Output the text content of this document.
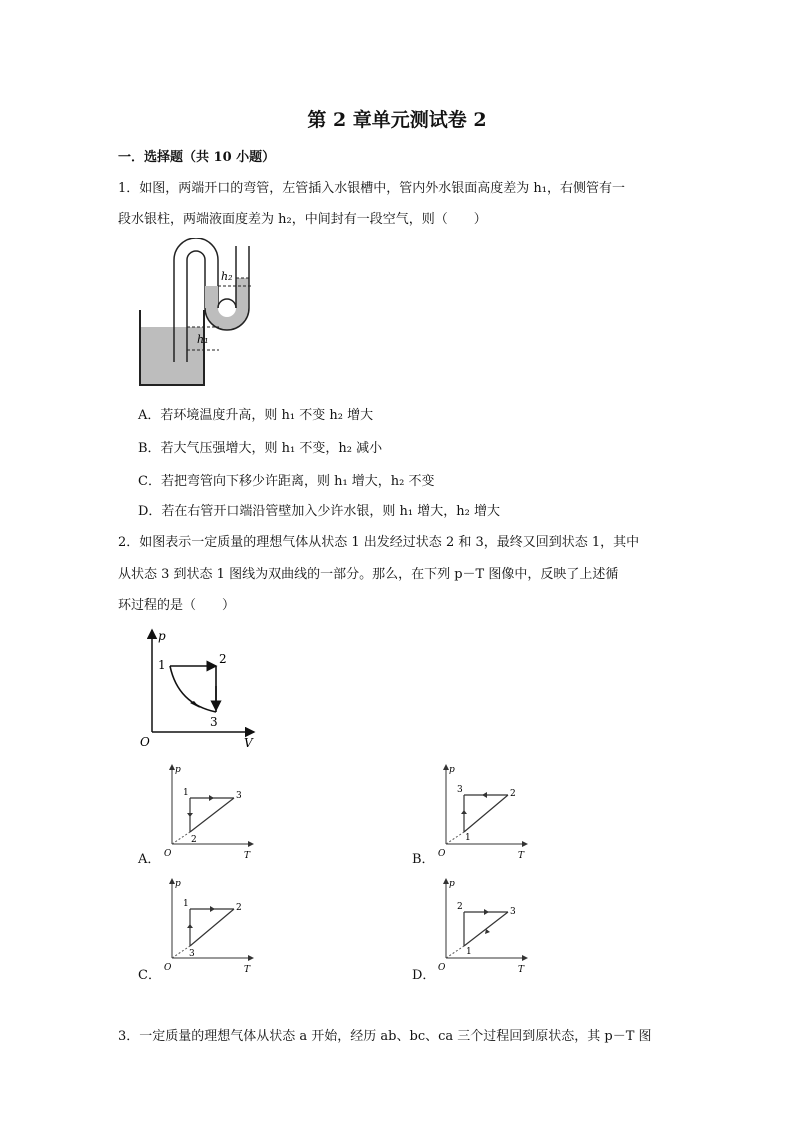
第 2 章单元测试卷 2
一．选择题（共 10 小题）
1．如图，两端开口的弯管，左管插入水银槽中，管内外水银面高度差为 h₁，右侧管有一
段水银柱，两端液面度差为 h₂，中间封有一段空气，则（　　）
h₂
h₁
A．若环境温度升高，则 h₁ 不变 h₂ 增大
B．若大气压强增大，则 h₁ 不变，h₂ 减小
C．若把弯管向下移少许距离，则 h₁ 增大，h₂ 不变
D．若在右管开口端沿管壁加入少许水银，则 h₁ 增大，h₂ 增大
2．如图表示一定质量的理想气体从状态 1 出发经过状态 2 和 3，最终又回到状态 1，其中
从状态 3 到状态 1 图线为双曲线的一部分。那么，在下列 p－T 图像中，反映了上述循
环过程的是（　　）
p
V
O
1	2
3
A．
p
T
O
1	3
2
B．
p
T
O
3	2
1
C．
p
T
O
1	2
3
D．
p
T
O
2	3
1
3．一定质量的理想气体从状态 a 开始，经历 ab、bc、ca 三个过程回到原状态，其 p－T 图
